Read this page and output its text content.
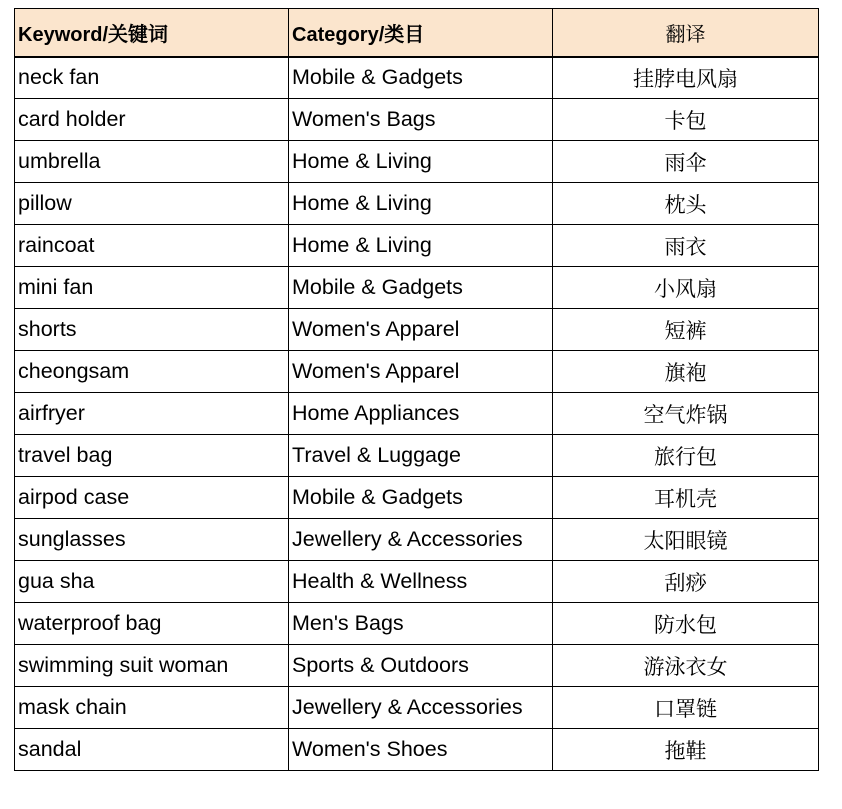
Keyword/关键词	Category/类目	翻译
neck fan	Mobile & Gadgets	挂脖电风扇
card holder	Women's Bags	卡包
umbrella	Home & Living	雨伞
pillow	Home & Living	枕头
raincoat	Home & Living	雨衣
mini fan	Mobile & Gadgets	小风扇
shorts	Women's Apparel	短裤
cheongsam	Women's Apparel	旗袍
airfryer	Home Appliances	空气炸锅
travel bag	Travel & Luggage	旅行包
airpod case	Mobile & Gadgets	耳机壳
sunglasses	Jewellery & Accessories	太阳眼镜
gua sha	Health & Wellness	刮痧
waterproof bag	Men's Bags	防水包
swimming suit woman	Sports & Outdoors	游泳衣女
mask chain	Jewellery & Accessories	口罩链
sandal	Women's Shoes	拖鞋
